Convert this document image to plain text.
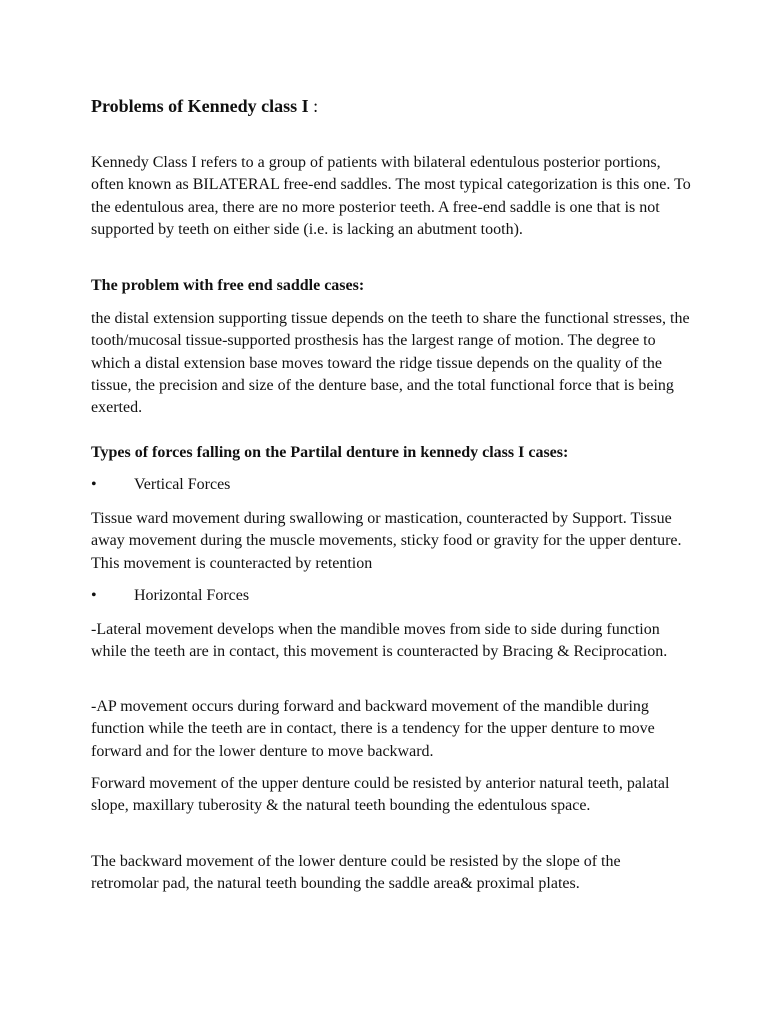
Problems of Kennedy class I :

Kennedy Class I refers to a group of patients with bilateral edentulous posterior portions, often known as BILATERAL free-end saddles. The most typical categorization is this one. To the edentulous area, there are no more posterior teeth. A free-end saddle is one that is not supported by teeth on either side (i.e. is lacking an abutment tooth).

The problem with free end saddle cases:

the distal extension supporting tissue depends on the teeth to share the functional stresses, the tooth/mucosal tissue-supported prosthesis has the largest range of motion. The degree to which a distal extension base moves toward the ridge tissue depends on the quality of the tissue, the precision and size of the denture base, and the total functional force that is being exerted.

Types of forces falling on the Partilal denture in kennedy class I cases:
• Vertical Forces

Tissue ward movement during swallowing or mastication, counteracted by Support. Tissue away movement during the muscle movements, sticky food or gravity for the upper denture. This movement is counteracted by retention

• Horizontal Forces

-Lateral movement develops when the mandible moves from side to side during function while the teeth are in contact, this movement is counteracted by Bracing & Reciprocation.

-AP movement occurs during forward and backward movement of the mandible during function while the teeth are in contact, there is a tendency for the upper denture to move forward and for the lower denture to move backward.

Forward movement of the upper denture could be resisted by anterior natural teeth, palatal slope, maxillary tuberosity & the natural teeth bounding the edentulous space.

The backward movement of the lower denture could be resisted by the slope of the retromolar pad, the natural teeth bounding the saddle area& proximal plates.
